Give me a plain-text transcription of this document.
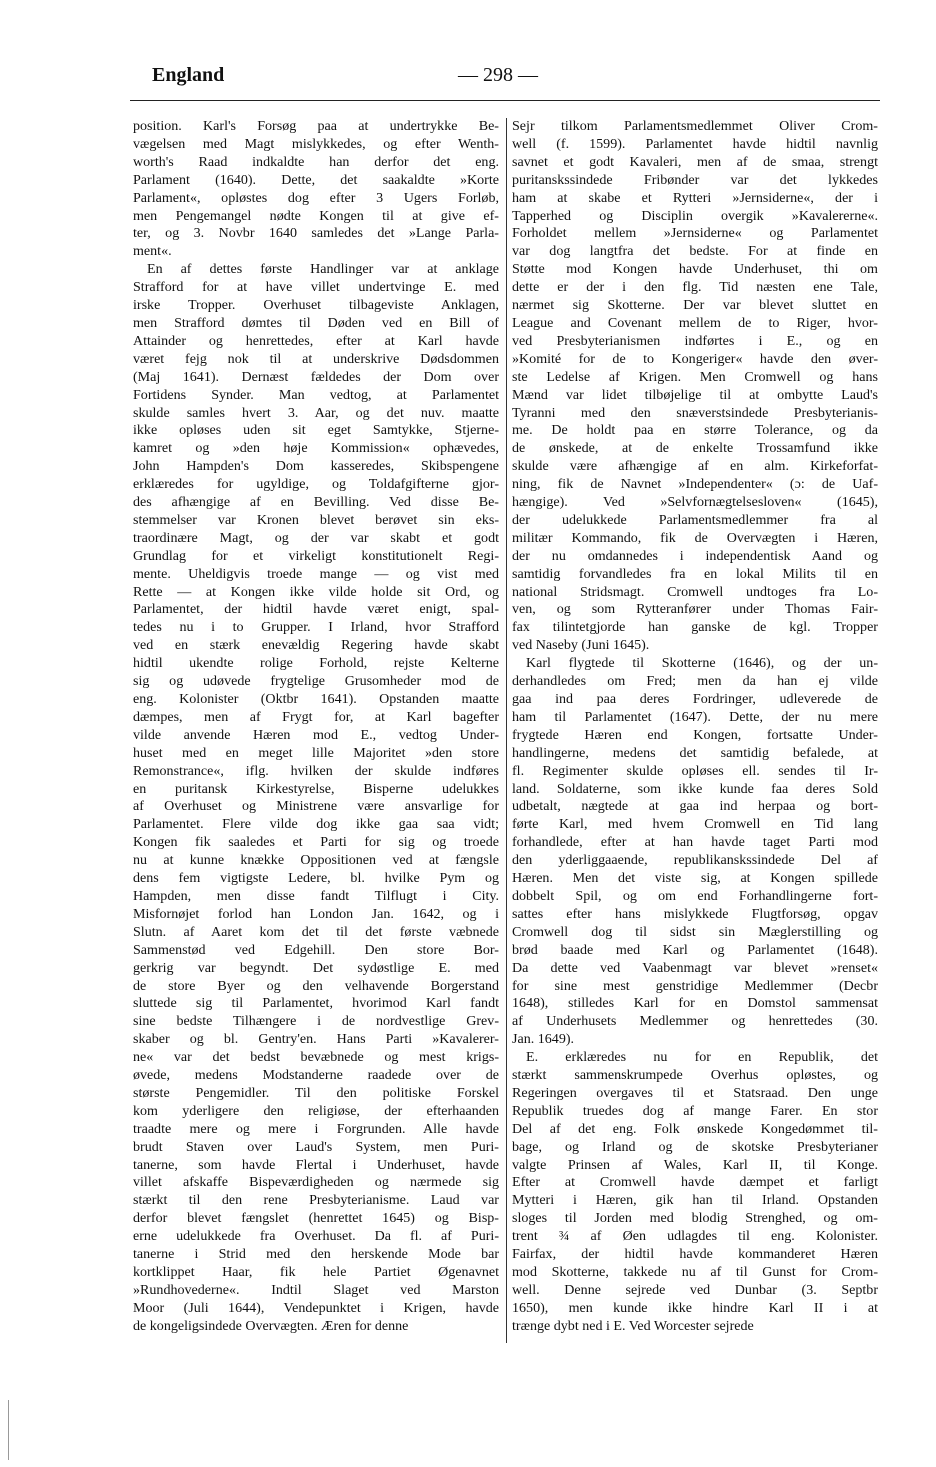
England	— 298 —
position. Karl's Forsøg paa at undertrykke Be-
vægelsen med Magt mislykkedes, og efter Wenth-
worth's Raad indkaldte han derfor det eng.
Parlament (1640). Dette, det saakaldte »Korte
Parlament«, opløstes dog efter 3 Ugers Forløb,
men Pengemangel nødte Kongen til at give ef-
ter, og 3. Novbr 1640 samledes det »Lange Parla-
ment«.
En af dettes første Handlinger var at anklage
Strafford for at have villet undertvinge E. med
irske Tropper. Overhuset tilbageviste Anklagen,
men Strafford dømtes til Døden ved en Bill of
Attainder og henrettedes, efter at Karl havde
været fejg nok til at underskrive Dødsdommen
(Maj 1641). Dernæst fældedes der Dom over
Fortidens Synder. Man vedtog, at Parlamentet
skulde samles hvert 3. Aar, og det nuv. maatte
ikke opløses uden sit eget Samtykke, Stjerne-
kamret og »den høje Kommission« ophævedes,
John Hampden's Dom kasseredes, Skibspengene
erklæredes for ugyldige, og Toldafgifterne gjor-
des afhængige af en Bevilling. Ved disse Be-
stemmelser var Kronen blevet berøvet sin eks-
traordinære Magt, og der var skabt et godt
Grundlag for et virkeligt konstitutionelt Regi-
mente. Uheldigvis troede mange — og vist med
Rette — at Kongen ikke vilde holde sit Ord, og
Parlamentet, der hidtil havde været enigt, spal-
tedes nu i to Grupper. I Irland, hvor Strafford
ved en stærk enevældig Regering havde skabt
hidtil ukendte rolige Forhold, rejste Kelterne
sig og udøvede frygtelige Grusomheder mod de
eng. Kolonister (Oktbr 1641). Opstanden maatte
dæmpes, men af Frygt for, at Karl bagefter
vilde anvende Hæren mod E., vedtog Under-
huset med en meget lille Majoritet »den store
Remonstrance«, iflg. hvilken der skulde indføres
en puritansk Kirkestyrelse, Bisperne udelukkes
af Overhuset og Ministrene være ansvarlige for
Parlamentet. Flere vilde dog ikke gaa saa vidt;
Kongen fik saaledes et Parti for sig og troede
nu at kunne knække Oppositionen ved at fængsle
dens fem vigtigste Ledere, bl. hvilke Pym og
Hampden, men disse fandt Tilflugt i City.
Misfornøjet forlod han London Jan. 1642, og i
Slutn. af Aaret kom det til det første væbnede
Sammenstød ved Edgehill. Den store Bor-
gerkrig var begyndt. Det sydøstlige E. med
de store Byer og den velhavende Borgerstand
sluttede sig til Parlamentet, hvorimod Karl fandt
sine bedste Tilhængere i de nordvestlige Grev-
skaber og bl. Gentry'en. Hans Parti »Kavalerer-
ne« var det bedst bevæbnede og mest krigs-
øvede, medens Modstanderne raadede over de
største Pengemidler. Til den politiske Forskel
kom yderligere den religiøse, der efterhaanden
traadte mere og mere i Forgrunden. Alle havde
brudt Staven over Laud's System, men Puri-
tanerne, som havde Flertal i Underhuset, havde
villet afskaffe Bispeværdigheden og nærmede sig
stærkt til den rene Presbyterianisme. Laud var
derfor blevet fængslet (henrettet 1645) og Bisp-
erne udelukkede fra Overhuset. Da fl. af Puri-
tanerne i Strid med den herskende Mode bar
kortklippet Haar, fik hele Partiet Øgenavnet
»Rundhovederne«. Indtil Slaget ved Marston
Moor (Juli 1644), Vendepunktet i Krigen, havde
de kongeligsindede Overvægten. Æren for denne
Sejr tilkom Parlamentsmedlemmet Oliver Crom-
well (f. 1599). Parlamentet havde hidtil navnlig
savnet et godt Kavaleri, men af de smaa, strengt
puritanskssindede Fribønder var det lykkedes
ham at skabe et Rytteri »Jernsiderne«, der i
Tapperhed og Disciplin overgik »Kavalererne«.
Forholdet mellem »Jernsiderne« og Parlamentet
var dog langtfra det bedste. For at finde en
Støtte mod Kongen havde Underhuset, thi om
dette er der i den flg. Tid næsten ene Tale,
nærmet sig Skotterne. Der var blevet sluttet en
League and Covenant mellem de to Riger, hvor-
ved Presbyterianismen indførtes i E., og en
»Komité for de to Kongeriger« havde den øver-
ste Ledelse af Krigen. Men Cromwell og hans
Mænd var lidet tilbøjelige til at ombytte Laud's
Tyranni med den snæverstsindede Presbyterianis-
me. De holdt paa en større Tolerance, og da
de ønskede, at de enkelte Trossamfund ikke
skulde være afhængige af en alm. Kirkeforfat-
ning, fik de Navnet »Independenter« (ɔ: de Uaf-
hængige). Ved »Selvfornægtelsesloven« (1645),
der udelukkede Parlamentsmedlemmer fra al
militær Kommando, fik de Overvægten i Hæren,
der nu omdannedes i independentisk Aand og
samtidig forvandledes fra en lokal Milits til en
national Stridsmagt. Cromwell undtoges fra Lo-
ven, og som Rytteranfører under Thomas Fair-
fax tilintetgjorde han ganske de kgl. Tropper
ved Naseby (Juni 1645).
Karl flygtede til Skotterne (1646), og der un-
derhandledes om Fred; men da han ej vilde
gaa ind paa deres Fordringer, udleverede de
ham til Parlamentet (1647). Dette, der nu mere
frygtede Hæren end Kongen, fortsatte Under-
handlingerne, medens det samtidig befalede, at
fl. Regimenter skulde opløses ell. sendes til Ir-
land. Soldaterne, som ikke kunde faa deres Sold
udbetalt, nægtede at gaa ind herpaa og bort-
førte Karl, med hvem Cromwell en Tid lang
forhandlede, efter at han havde taget Parti mod
den yderliggaaende, republikanskssindede Del af
Hæren. Men det viste sig, at Kongen spillede
dobbelt Spil, og om end Forhandlingerne fort-
sattes efter hans mislykkede Flugtforsøg, opgav
Cromwell dog til sidst sin Mæglerstilling og
brød baade med Karl og Parlamentet (1648).
Da dette ved Vaabenmagt var blevet »renset«
for sine mest genstridige Medlemmer (Decbr
1648), stilledes Karl for en Domstol sammensat
af Underhusets Medlemmer og henrettedes (30.
Jan. 1649).
E. erklæredes nu for en Republik, det
stærkt sammenskrumpede Overhus opløstes, og
Regeringen overgaves til et Statsraad. Den unge
Republik truedes dog af mange Farer. En stor
Del af det eng. Folk ønskede Kongedømmet til-
bage, og Irland og de skotske Presbyterianer
valgte Prinsen af Wales, Karl II, til Konge.
Efter at Cromwell havde dæmpet et farligt
Mytteri i Hæren, gik han til Irland. Opstanden
sloges til Jorden med blodig Strenghed, og om-
trent ¾ af Øen udlagdes til eng. Kolonister.
Fairfax, der hidtil havde kommanderet Hæren
mod Skotterne, takkede nu af til Gunst for Crom-
well. Denne sejrede ved Dunbar (3. Septbr
1650), men kunde ikke hindre Karl II i at
trænge dybt ned i E. Ved Worcester sejrede
